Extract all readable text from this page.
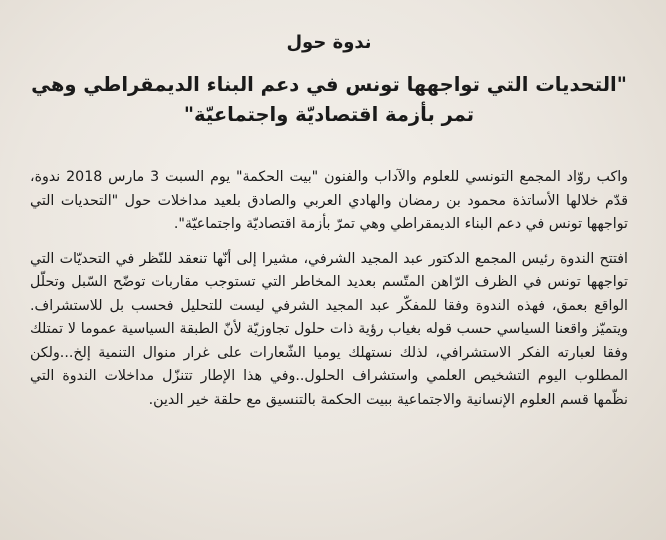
ندوة حول
"التحديات التي تواجهها تونس في دعم البناء الديمقراطي وهي تمر بأزمة اقتصاديّة واجتماعيّة"

واكب روّاد المجمع التونسي للعلوم والآداب والفنون "بيت الحكمة" يوم السبت 3 مارس 2018 ندوة، قدّم خلالها الأساتذة محمود بن رمضان والهادي العربي والصادق بلعيد مداخلات حول "التحديات التي تواجهها تونس في دعم البناء الديمقراطي وهي تمرّ بأزمة اقتصاديّة واجتماعيّة".

افتتح الندوة رئيس المجمع الدكتور عبد المجيد الشرفي، مشيرا إلى أنّها تنعقد للنّظر في التحديّات التي تواجهها تونس في الظرف الرّاهن المتّسم بعديد المخاطر التي تستوجب مقاربات توضّح السّبل وتحلّل الواقع بعمق، فهذه الندوة وفقا للمفكّر عبد المجيد الشرفي ليست للتحليل فحسب بل للاستشراف. ويتميّز واقعنا السياسي حسب قوله بغياب رؤية ذات حلول تجاوزيّة لأنّ الطبقة السياسية عموما لا تمتلك وفقا لعبارته الفكر الاستشرافي، لذلك نستهلك يوميا الشّعارات على غرار منوال التنمية إلخ...ولكن المطلوب اليوم التشخيص العلمي واستشراف الحلول..وفي هذا الإطار تتنزّل مداخلات الندوة التي نظّمها قسم العلوم الإنسانية والاجتماعية ببيت الحكمة بالتنسيق مع حلقة خير الدين.
